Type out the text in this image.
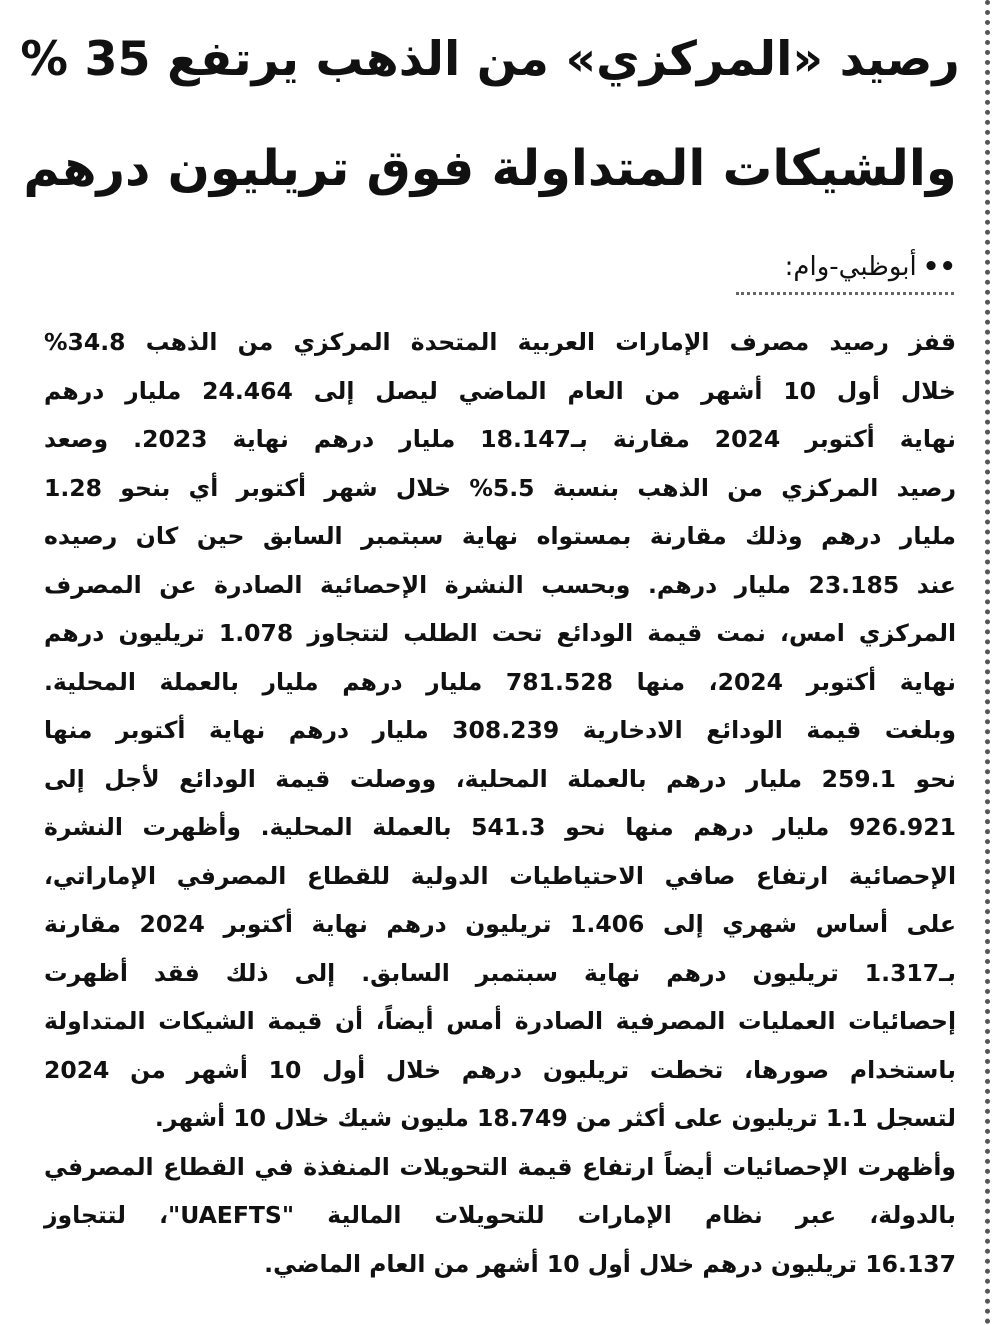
رصيد «المركزي» من الذهب يرتفع 35 %
والشيكات المتداولة فوق تريليون درهم
••أبوظبي-وام:
قفز رصيد مصرف الإمارات العربية المتحدة المركزي من الذهب 34.8%
خلال أول 10 أشهر من العام الماضي ليصل إلى 24.464 مليار درهم
نهاية أكتوبر 2024 مقارنة بـ18.147 مليار درهم نهاية 2023. وصعد
رصيد المركزي من الذهب بنسبة 5.5% خلال شهر أكتوبر أي بنحو 1.28
مليار درهم وذلك مقارنة بمستواه نهاية سبتمبر السابق حين كان رصيده
عند 23.185 مليار درهم. وبحسب النشرة الإحصائية الصادرة عن المصرف
المركزي امس، نمت قيمة الودائع تحت الطلب لتتجاوز 1.078 تريليون درهم
نهاية أكتوبر 2024، منها 781.528 مليار درهم مليار بالعملة المحلية.
وبلغت قيمة الودائع الادخارية 308.239 مليار درهم نهاية أكتوبر منها
نحو 259.1 مليار درهم بالعملة المحلية، ووصلت قيمة الودائع لأجل إلى
926.921 مليار درهم منها نحو 541.3 بالعملة المحلية. وأظهرت النشرة
الإحصائية ارتفاع صافي الاحتياطيات الدولية للقطاع المصرفي الإماراتي،
على أساس شهري إلى 1.406 تريليون درهم نهاية أكتوبر 2024 مقارنة
بـ1.317 تريليون درهم نهاية سبتمبر السابق. إلى ذلك فقد أظهرت
إحصائيات العمليات المصرفية الصادرة أمس أيضاً، أن قيمة الشيكات المتداولة
باستخدام صورها، تخطت تريليون درهم خلال أول 10 أشهر من 2024
لتسجل 1.1 تريليون على أكثر من 18.749 مليون شيك خلال 10 أشهر.
وأظهرت الإحصائيات أيضاً ارتفاع قيمة التحويلات المنفذة في القطاع المصرفي
بالدولة، عبر نظام الإمارات للتحويلات المالية "UAEFTS"، لتتجاوز
16.137 تريليون درهم خلال أول 10 أشهر من العام الماضي.
